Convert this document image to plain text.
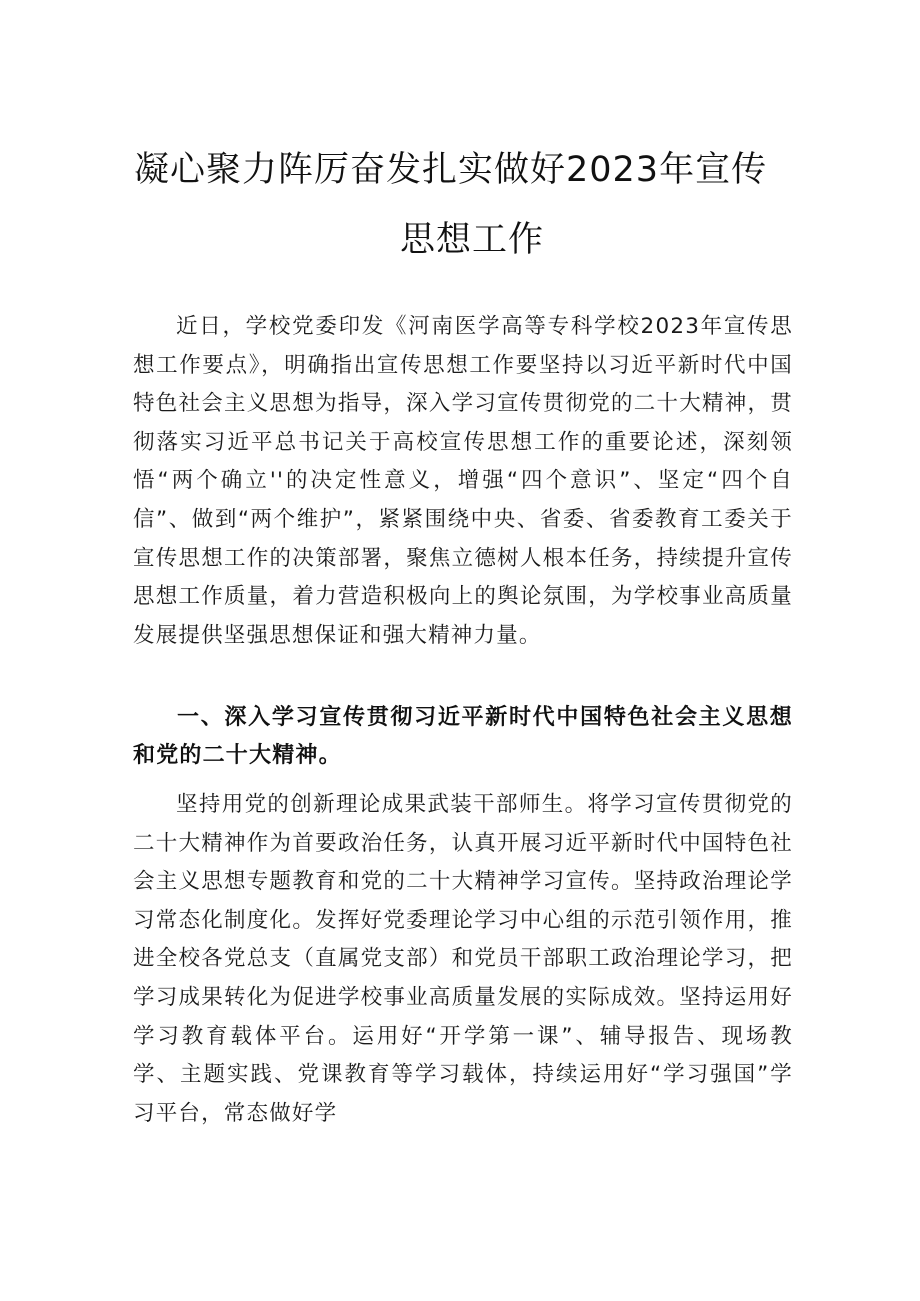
凝心聚力阵厉奋发扎实做好2023年宣传
思想工作
近日，学校党委印发《河南医学高等专科学校2023年宣传思想工作要点》，明确指出宣传思想工作要坚持以习近平新时代中国特色社会主义思想为指导，深入学习宣传贯彻党的二十大精神，贯彻落实习近平总书记关于高校宣传思想工作的重要论述，深刻领悟“两个确立''的决定性意义，增强“四个意识”、坚定“四个自信”、做到“两个维护”，紧紧围绕中央、省委、省委教育工委关于宣传思想工作的决策部署，聚焦立德树人根本任务，持续提升宣传思想工作质量，着力营造积极向上的舆论氛围，为学校事业高质量发展提供坚强思想保证和强大精神力量。
一、深入学习宣传贯彻习近平新时代中国特色社会主义思想和党的二十大精神。
坚持用党的创新理论成果武装干部师生。将学习宣传贯彻党的二十大精神作为首要政治任务，认真开展习近平新时代中国特色社会主义思想专题教育和党的二十大精神学习宣传。坚持政治理论学习常态化制度化。发挥好党委理论学习中心组的示范引领作用，推进全校各党总支（直属党支部）和党员干部职工政治理论学习，把学习成果转化为促进学校事业高质量发展的实际成效。坚持运用好学习教育载体平台。运用好“开学第一课”、辅导报告、现场教学、主题实践、党课教育等学习载体，持续运用好“学习强国”学习平台，常态做好学
